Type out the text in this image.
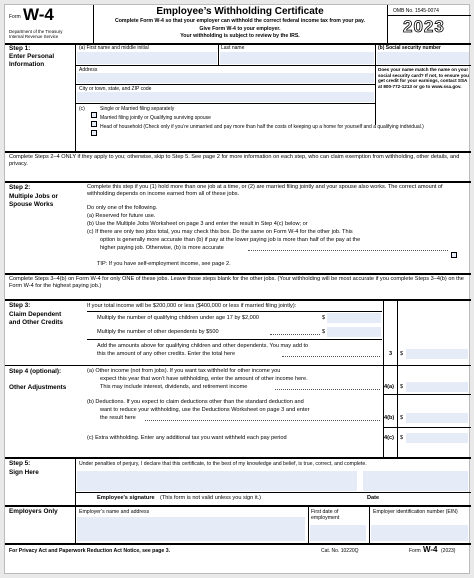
Form W-4
Department of the Treasury
Internal Revenue Service
Employee’s Withholding Certificate
Complete Form W-4 so that your employer can withhold the correct federal income tax from your pay.
Give Form W-4 to your employer.
Your withholding is subject to review by the IRS.
OMB No. 1545-0074
2023
Step 1:
Enter Personal Information
(a) First name and middle initial	Last name	(b) Social security number
Address	Does your name match the name on your social security card? If not, to ensure you get credit for your earnings, contact SSA at 800-772-1213 or go to www.ssa.gov.
City or town, state, and ZIP code
(c)	Single or Married filing separately
Married filing jointly or Qualifying surviving spouse
Head of household (Check only if you’re unmarried and pay more than half the costs of keeping up a home for yourself and a qualifying individual.)
Complete Steps 2–4 ONLY if they apply to you; otherwise, skip to Step 5. See page 2 for more information on each step, who can claim exemption from withholding, other details, and privacy.
Step 2:
Multiple Jobs or Spouse Works
Complete this step if you (1) hold more than one job at a time, or (2) are married filing jointly and your spouse also works. The correct amount of withholding depends on income earned from all of these jobs.
Do only one of the following.
(a) Reserved for future use.
(b) Use the Multiple Jobs Worksheet on page 3 and enter the result in Step 4(c) below; or
(c) If there are only two jobs total, you may check this box. Do the same on Form W-4 for the other job. This
option is generally more accurate than (b) if pay at the lower paying job is more than half of the pay at the
higher paying job. Otherwise, (b) is more accurate
TIP: If you have self-employment income, see page 2.
Complete Steps 3–4(b) on Form W-4 for only ONE of these jobs. Leave those steps blank for the other jobs. (Your withholding will be most accurate if you complete Steps 3–4(b) on the Form W-4 for the highest paying job.)
Step 3:
Claim Dependent and Other Credits
If your total income will be $200,000 or less ($400,000 or less if married filing jointly):
Multiply the number of qualifying children under age 17 by $2,000	$
Multiply the number of other dependents by $500	$
Add the amounts above for qualifying children and other dependents. You may add to
this the amount of any other credits. Enter the total here	3 $
Step 4 (optional):
Other Adjustments
(a) Other income (not from jobs). If you want tax withheld for other income you
expect this year that won’t have withholding, enter the amount of other income here.
This may include interest, dividends, and retirement income	4(a) $
(b) Deductions. If you expect to claim deductions other than the standard deduction and
want to reduce your withholding, use the Deductions Worksheet on page 3 and enter
the result here	4(b) $
(c) Extra withholding. Enter any additional tax you want withheld each pay period	4(c) $
Step 5:
Sign Here
Under penalties of perjury, I declare that this certificate, to the best of my knowledge and belief, is true, correct, and complete.
Employee’s signature (This form is not valid unless you sign it.)	Date
Employers Only	Employer’s name and address	First date of employment
Employer identification number (EIN)
For Privacy Act and Paperwork Reduction Act Notice, see page 3.	Cat. No. 10220Q	Form W-4 (2023)
